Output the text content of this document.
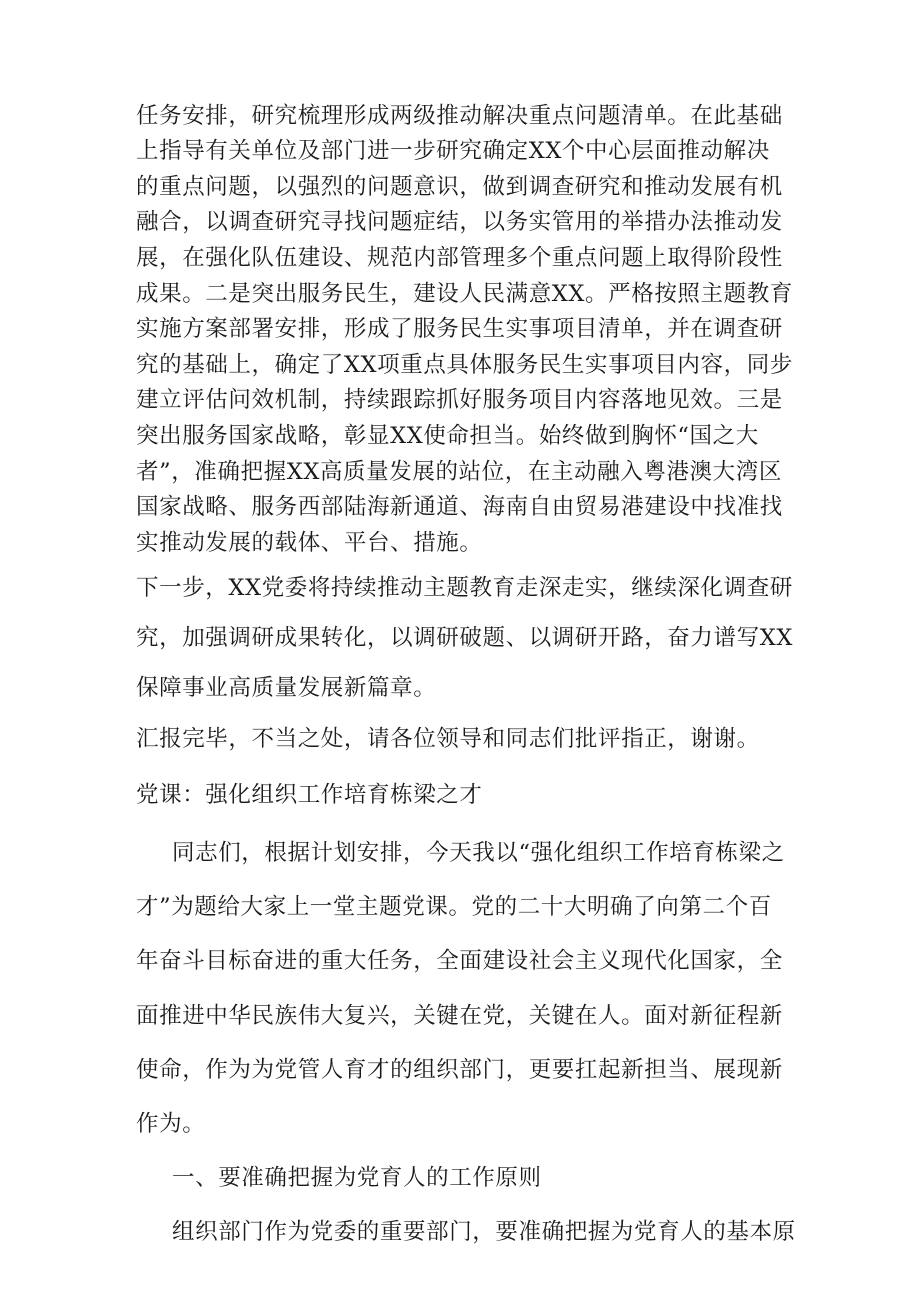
任务安排，研究梳理形成两级推动解决重点问题清单。在此基础
上指导有关单位及部门进一步研究确定XX个中心层面推动解决
的重点问题，以强烈的问题意识，做到调查研究和推动发展有机
融合，以调查研究寻找问题症结，以务实管用的举措办法推动发
展，在强化队伍建设、规范内部管理多个重点问题上取得阶段性
成果。二是突出服务民生，建设人民满意XX。严格按照主题教育
实施方案部署安排，形成了服务民生实事项目清单，并在调查研
究的基础上，确定了XX项重点具体服务民生实事项目内容，同步
建立评估问效机制，持续跟踪抓好服务项目内容落地见效。三是
突出服务国家战略，彰显XX使命担当。始终做到胸怀“国之大
者”，准确把握XX高质量发展的站位，在主动融入粤港澳大湾区
国家战略、服务西部陆海新通道、海南自由贸易港建设中找准找
实推动发展的载体、平台、措施。
下一步，XX党委将持续推动主题教育走深走实，继续深化调查研
究，加强调研成果转化，以调研破题、以调研开路，奋力谱写XX
保障事业高质量发展新篇章。
汇报完毕，不当之处，请各位领导和同志们批评指正，谢谢。
党课：强化组织工作培育栋梁之才
同志们，根据计划安排，今天我以“强化组织工作培育栋梁之
才”为题给大家上一堂主题党课。党的二十大明确了向第二个百
年奋斗目标奋进的重大任务，全面建设社会主义现代化国家，全
面推进中华民族伟大复兴，关键在党，关键在人。面对新征程新
使命，作为为党管人育才的组织部门，更要扛起新担当、展现新
作为。
一、要准确把握为党育人的工作原则
组织部门作为党委的重要部门，要准确把握为党育人的基本原
